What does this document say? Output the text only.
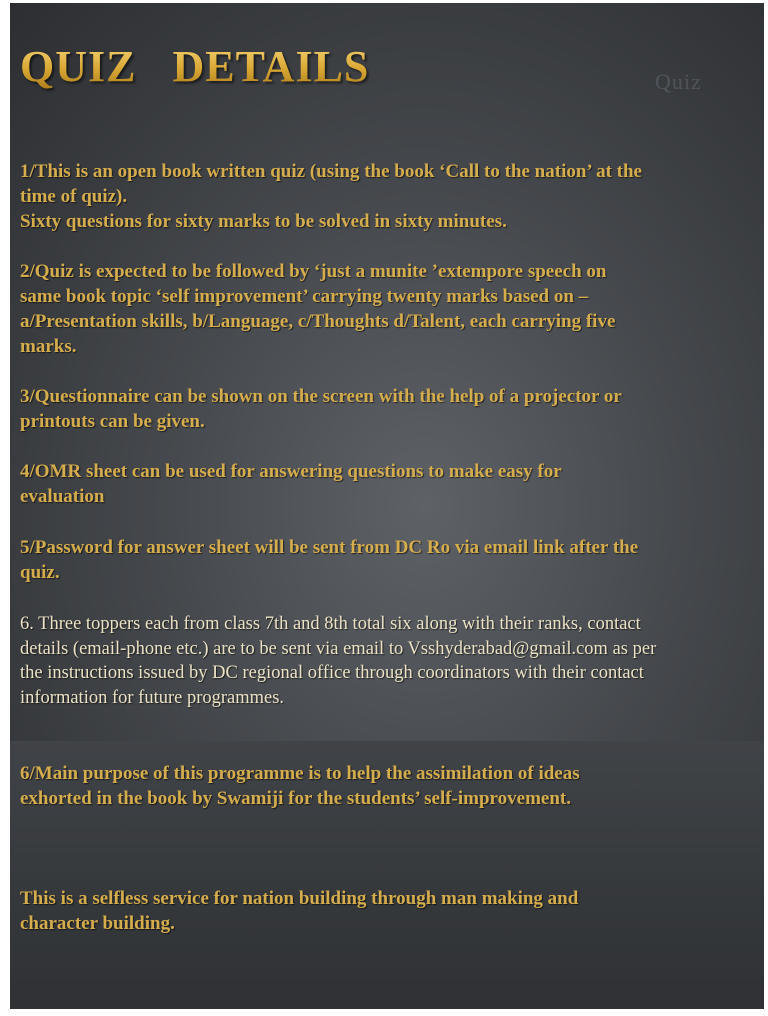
Quiz
QUIZ   DETAILS

1/This is an open book written quiz (using the book ‘Call to the nation’ at the
time of quiz).
Sixty questions for sixty marks to be solved in sixty minutes.

2/Quiz is expected to be followed by ‘just a munite ’extempore speech on
same book topic ‘self improvement’ carrying twenty marks based on –
a/Presentation skills, b/Language, c/Thoughts d/Talent, each carrying five
marks.

3/Questionnaire can be shown on the screen with the help of a projector or
printouts can be given.

4/OMR sheet can be used for answering questions to make easy for
evaluation

5/Password for answer sheet will be sent from DC Ro via email link after the
quiz.

6. Three toppers each from class 7th and 8th total six along with their ranks, contact
details (email-phone etc.) are to be sent via email to Vsshyderabad@gmail.com as per
the instructions issued by DC regional office through coordinators with their contact
information for future programmes.

6/Main purpose of this programme is to help the assimilation of ideas
exhorted in the book by Swamiji for the students’ self-improvement.

This is a selfless service for nation building through man making and
character building.
